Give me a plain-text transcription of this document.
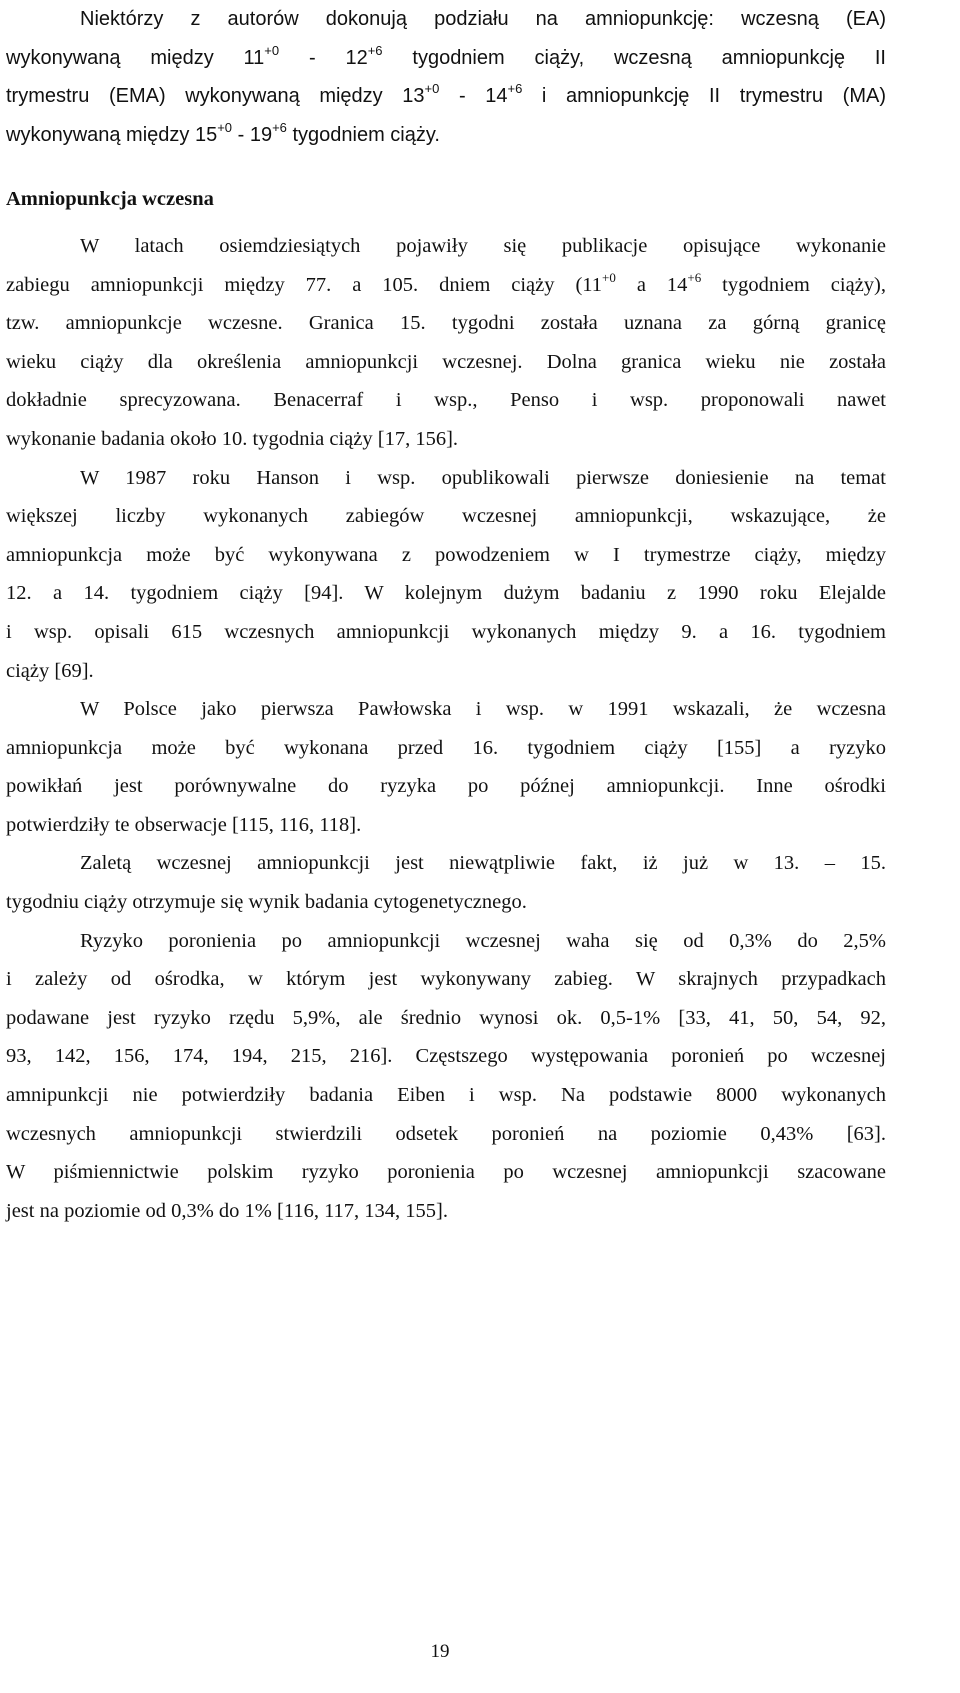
Niektórzy z autorów dokonują podziału na amniopunkcję: wczesną (EA)
wykonywaną między $11^{+0} - 12^{+6}$ tygodniem ciąży, wczesną amniopunkcję II
trymestru (EMA) wykonywaną między $13^{+0} - 14^{+6}$ i amniopunkcję II trymestru (MA)
wykonywaną między $15^{+0} - 19^{+6}$ tygodniem ciąży.

Amniopunkcja wczesna

W latach osiemdziesiątych pojawiły się publikacje opisujące wykonanie
zabiegu amniopunkcji między 77. a 105. dniem ciąży ($11^{+0}$ a $14^{+6}$ tygodniem ciąży),
tzw. amniopunkcje wczesne. Granica 15. tygodni została uznana za górną granicę
wieku ciąży dla określenia amniopunkcji wczesnej. Dolna granica wieku nie została
dokładnie sprecyzowana. Benacerraf i wsp., Penso i wsp. proponowali nawet
wykonanie badania około 10. tygodnia ciąży [17, 156].

W 1987 roku Hanson i wsp. opublikowali pierwsze doniesienie na temat
większej liczby wykonanych zabiegów wczesnej amniopunkcji, wskazujące, że
amniopunkcja może być wykonywana z powodzeniem w I trymestrze ciąży, między
12. a 14. tygodniem ciąży [94]. W kolejnym dużym badaniu z 1990 roku Elejalde
i wsp. opisali 615 wczesnych amniopunkcji wykonanych między 9. a 16. tygodniem
ciąży [69].

W Polsce jako pierwsza Pawłowska i wsp. w 1991 wskazali, że wczesna
amniopunkcja może być wykonana przed 16. tygodniem ciąży [155] a ryzyko
powikłań jest porównywalne do ryzyka po późnej amniopunkcji. Inne ośrodki
potwierdziły te obserwacje [115, 116, 118].

Zaletą wczesnej amniopunkcji jest niewątpliwie fakt, iż już w 13. – 15.
tygodniu ciąży otrzymuje się wynik badania cytogenetycznego.

Ryzyko poronienia po amniopunkcji wczesnej waha się od 0,3% do 2,5%
i zależy od ośrodka, w którym jest wykonywany zabieg. W skrajnych przypadkach
podawane jest ryzyko rzędu 5,9%, ale średnio wynosi ok. 0,5-1% [33, 41, 50, 54, 92,
93, 142, 156, 174, 194, 215, 216]. Częstszego występowania poronień po wczesnej
amnipunkcji nie potwierdziły badania Eiben i wsp. Na podstawie 8000 wykonanych
wczesnych amniopunkcji stwierdzili odsetek poronień na poziomie 0,43% [63].
W piśmiennictwie polskim ryzyko poronienia po wczesnej amniopunkcji szacowane
jest na poziomie od 0,3% do 1% [116, 117, 134, 155].

19
